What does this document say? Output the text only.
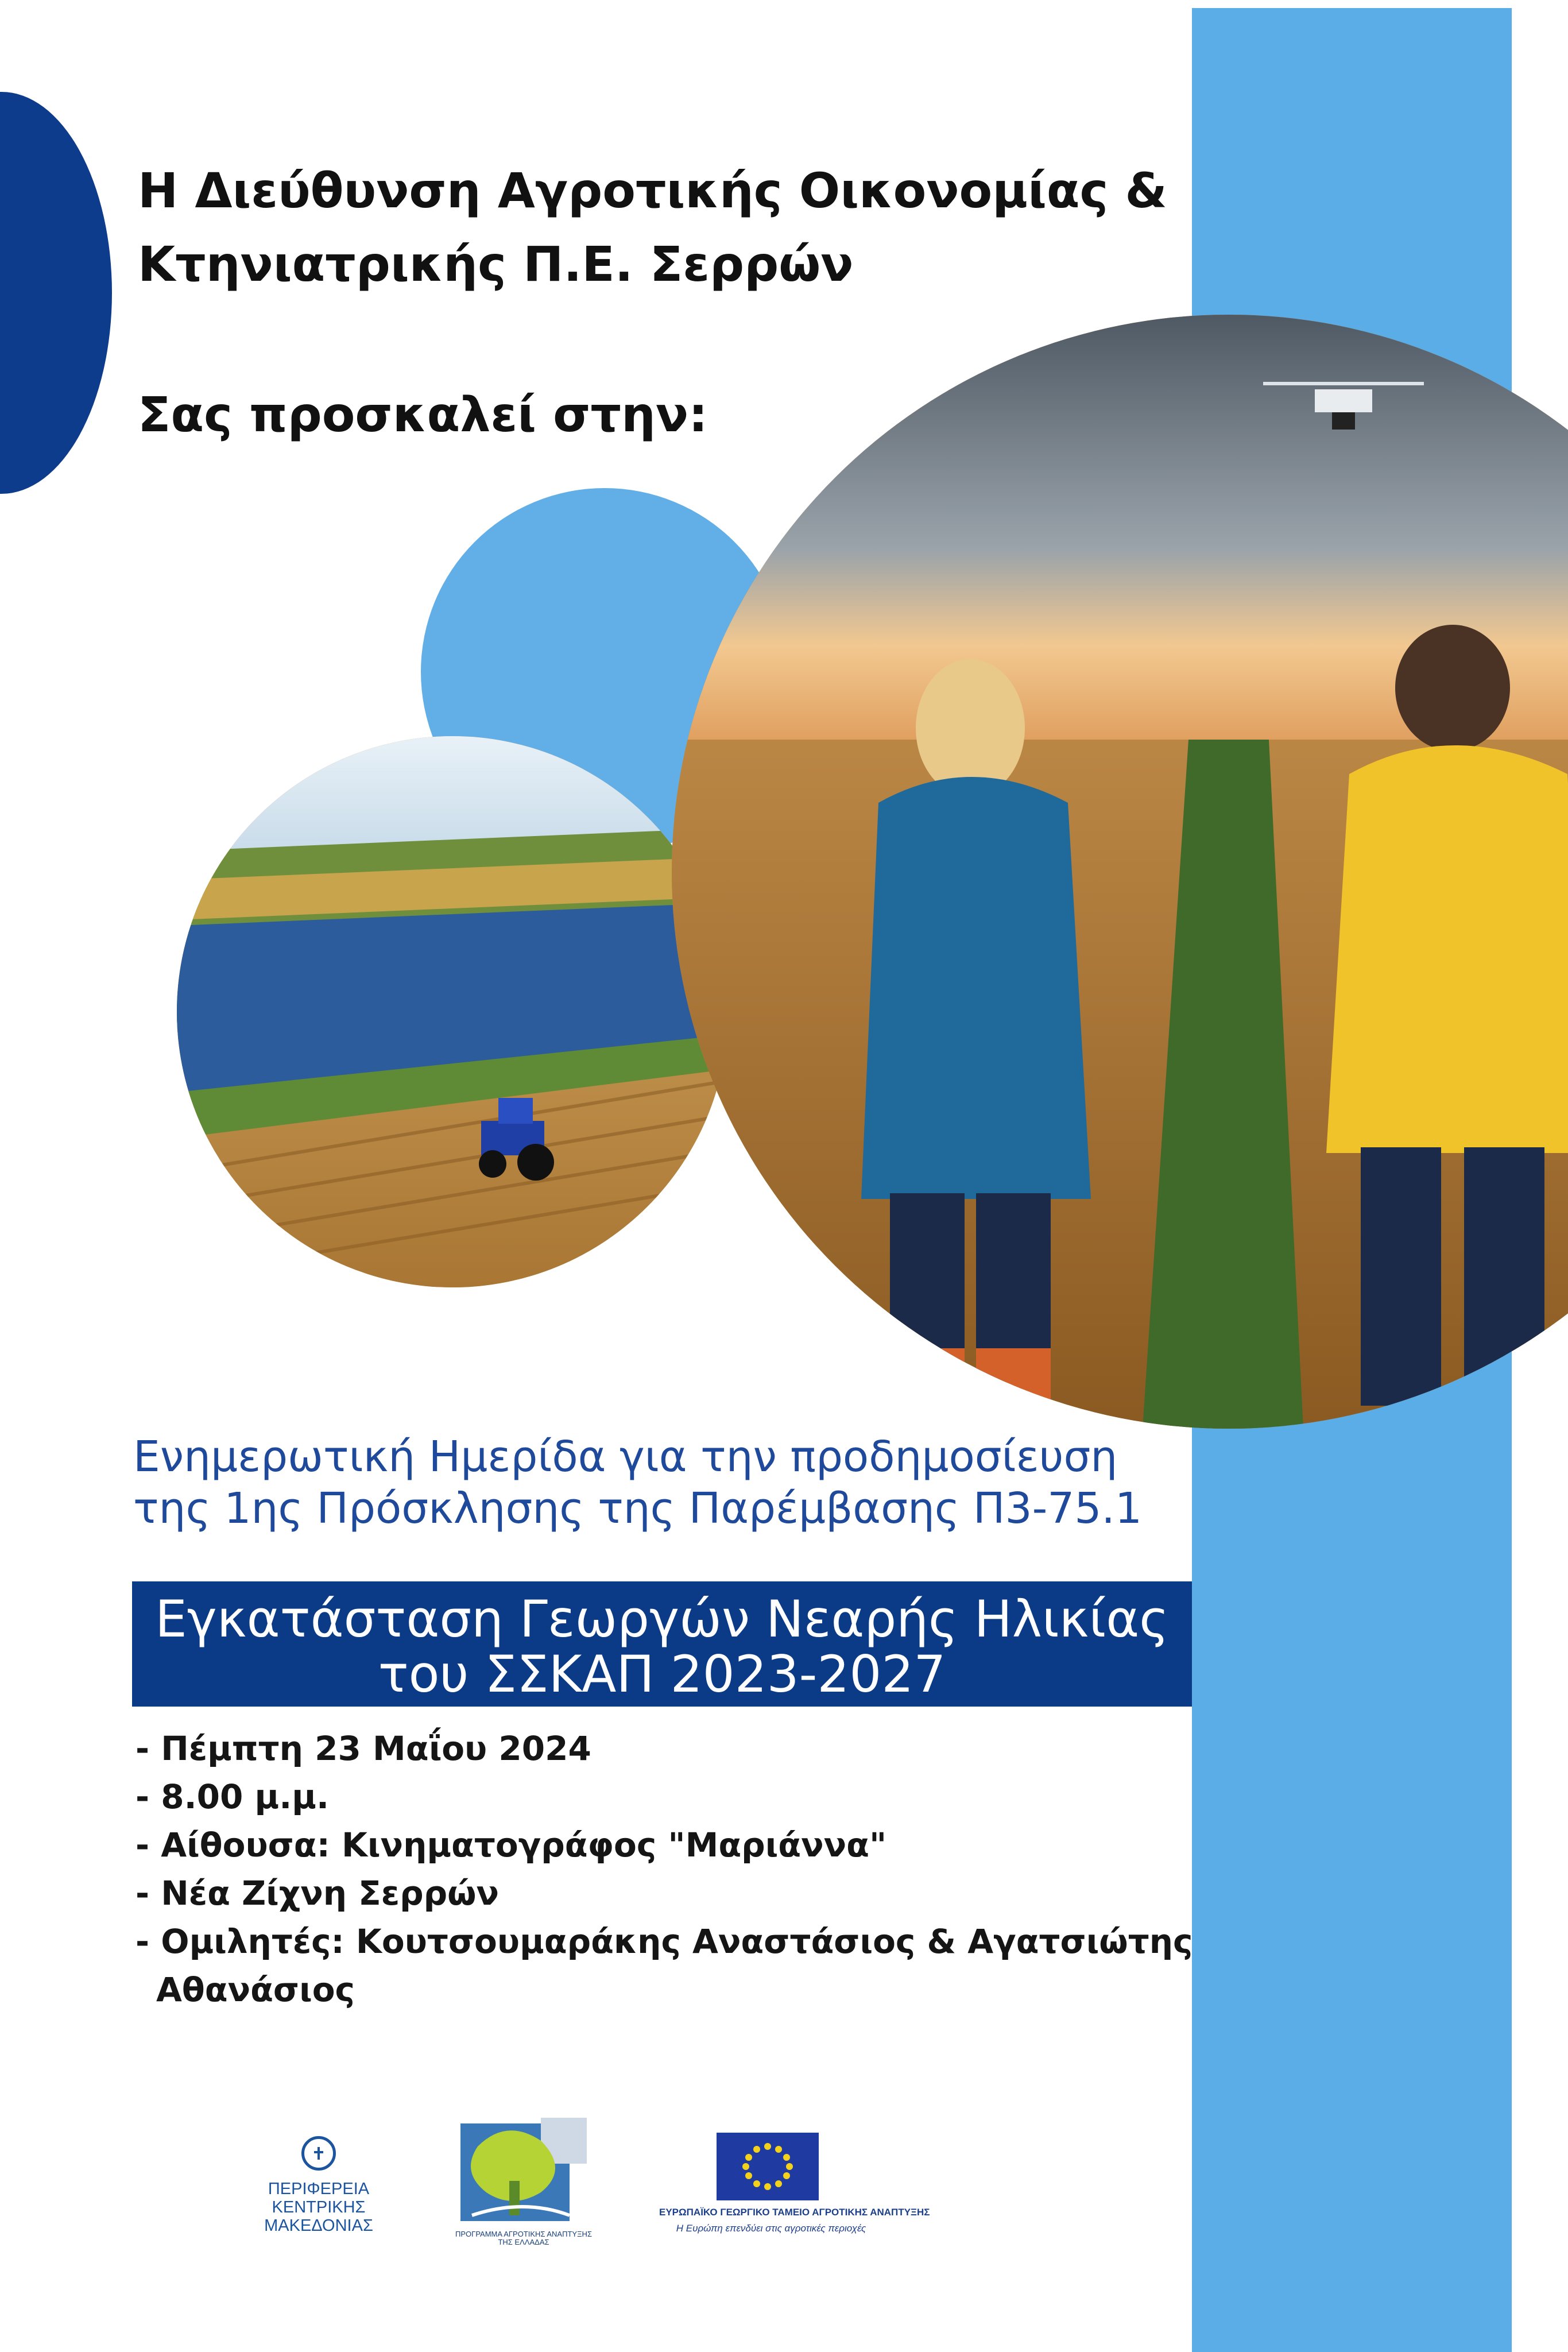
Η Διεύθυνση Αγροτικής Οικονομίας &
Κτηνιατρικής Π.Ε. Σερρών
Σας προσκαλεί στην:
Ενημερωτική Ημερίδα για την προδημοσίευση
της 1ης Πρόσκλησης της Παρέμβασης Π3-75.1
Εγκατάσταση Γεωργών Νεαρής Ηλικίας
του ΣΣΚΑΠ 2023-2027
- Πέμπτη 23 Μαΐου 2024
- 8.00 μ.μ.
- Αίθουσα: Κινηματογράφος "Μαριάννα"
- Νέα Ζίχνη Σερρών
- Ομιλητές: Κουτσουμαράκης Αναστάσιος & Αγατσιώτης
Αθανάσιος
ΠΕΡΙΦΕΡΕΙΑ
ΚΕΝΤΡΙΚΗΣ
ΜΑΚΕΔΟΝΙΑΣ	ΠΡΟΓΡΑΜΜΑ ΑΓΡΟΤΙΚΗΣ ΑΝΑΠΤΥΞΗΣ ΤΗΣ ΕΛΛΑΔΑΣ
ΕΥΡΩΠΑΪΚΟ ΓΕΩΡΓΙΚΟ ΤΑΜΕΙΟ ΑΓΡΟΤΙΚΗΣ ΑΝΑΠΤΥΞΗΣ
Η Ευρώπη επενδύει στις αγροτικές περιοχές
